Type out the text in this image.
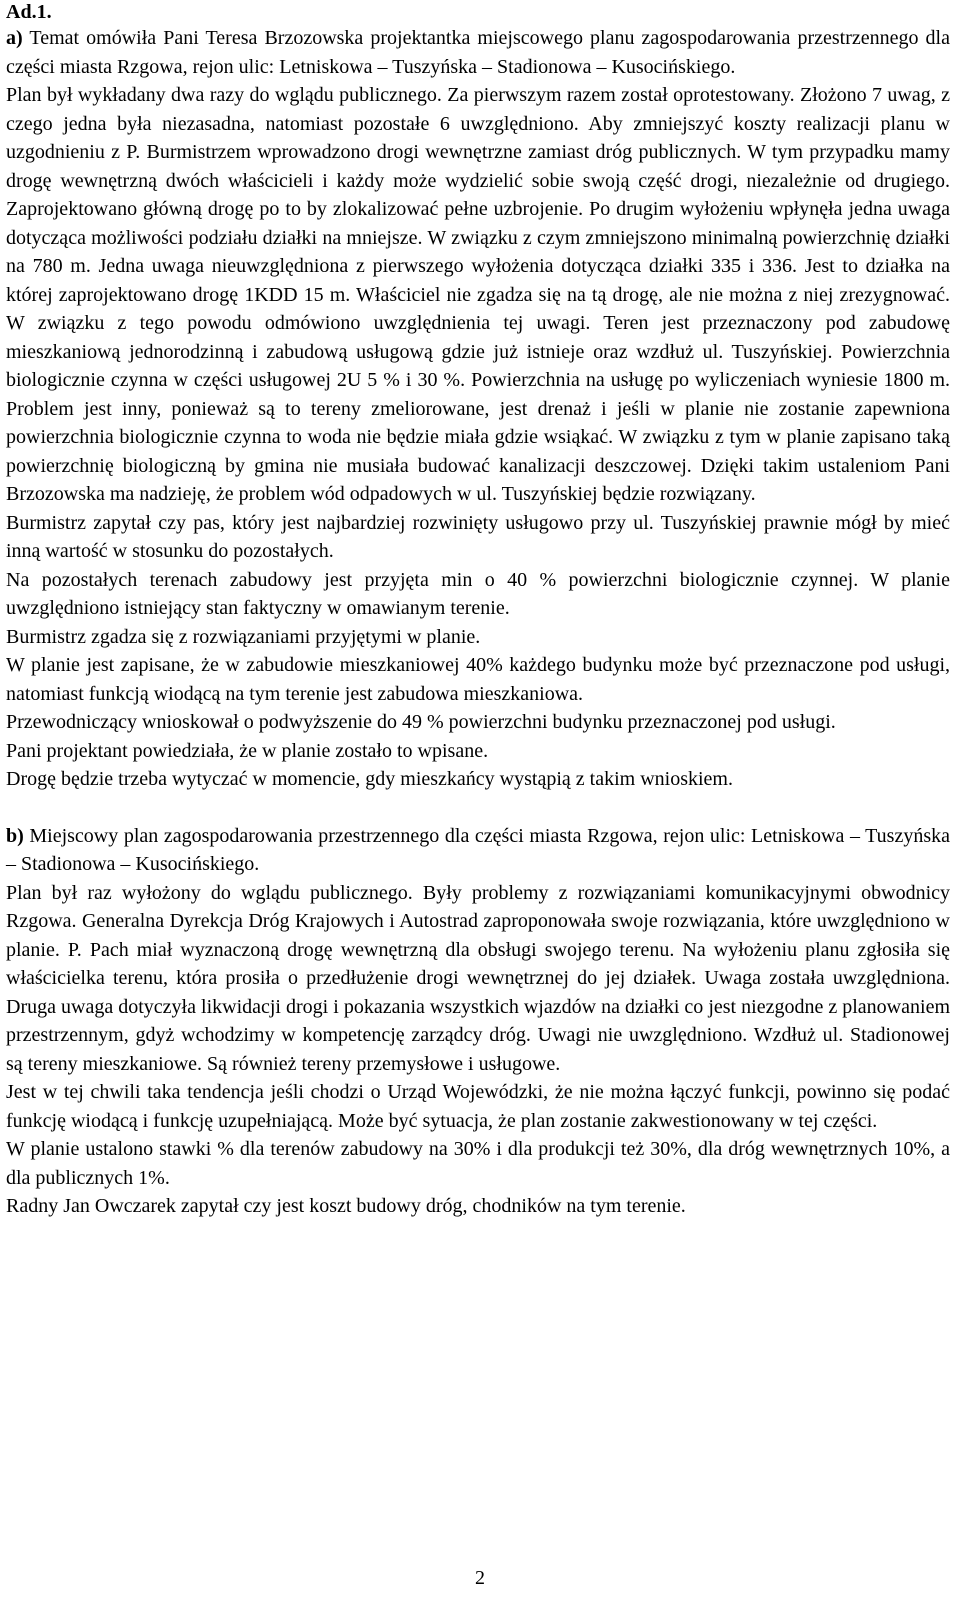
Ad.1.

a) Temat omówiła Pani Teresa Brzozowska projektantka miejscowego planu zagospodarowania przestrzennego dla części miasta Rzgowa, rejon ulic: Letniskowa – Tuszyńska – Stadionowa – Kusocińskiego.

Plan był wykładany dwa razy do wglądu publicznego. Za pierwszym razem został oprotestowany. Złożono 7 uwag, z czego jedna była niezasadna, natomiast pozostałe 6 uwzględniono. Aby zmniejszyć koszty realizacji planu w uzgodnieniu z P. Burmistrzem wprowadzono drogi wewnętrzne zamiast dróg publicznych. W tym przypadku mamy drogę wewnętrzną dwóch właścicieli i każdy może wydzielić sobie swoją część drogi, niezależnie od drugiego. Zaprojektowano główną drogę po to by zlokalizować pełne uzbrojenie. Po drugim wyłożeniu wpłynęła jedna uwaga dotycząca możliwości podziału działki na mniejsze. W związku z czym zmniejszono minimalną powierzchnię działki na 780 m. Jedna uwaga nieuwzględniona z pierwszego wyłożenia dotycząca działki 335 i 336. Jest to działka na której zaprojektowano drogę 1KDD 15 m. Właściciel nie zgadza się na tą drogę, ale nie można z niej zrezygnować. W związku z tego powodu odmówiono uwzględnienia tej uwagi. Teren jest przeznaczony pod zabudowę mieszkaniową jednorodzinną i zabudową usługową gdzie już istnieje oraz wzdłuż ul. Tuszyńskiej. Powierzchnia biologicznie czynna w części usługowej 2U 5 % i 30 %. Powierzchnia na usługę po wyliczeniach wyniesie 1800 m. Problem jest inny, ponieważ są to tereny zmeliorowane, jest drenaż i jeśli w planie nie zostanie zapewniona powierzchnia biologicznie czynna to woda nie będzie miała gdzie wsiąkać. W związku z tym w planie zapisano taką powierzchnię biologiczną by gmina nie musiała budować kanalizacji deszczowej. Dzięki takim ustaleniom Pani Brzozowska ma nadzieję, że problem wód odpadowych w ul. Tuszyńskiej będzie rozwiązany.

Burmistrz zapytał czy pas, który jest najbardziej rozwinięty usługowo przy ul. Tuszyńskiej prawnie mógł by mieć inną wartość w stosunku do pozostałych.

Na pozostałych terenach zabudowy jest przyjęta min o 40 % powierzchni biologicznie czynnej. W planie uwzględniono istniejący stan faktyczny w omawianym terenie.

Burmistrz zgadza się z rozwiązaniami przyjętymi w planie.

W planie jest zapisane, że w zabudowie mieszkaniowej 40% każdego budynku może być przeznaczone pod usługi, natomiast funkcją wiodącą na tym terenie jest zabudowa mieszkaniowa.

Przewodniczący wnioskował o podwyższenie do 49 % powierzchni budynku przeznaczonej pod usługi.

Pani projektant powiedziała, że w planie zostało to wpisane.

Drogę będzie trzeba wytyczać w momencie, gdy mieszkańcy wystąpią z takim wnioskiem.

b) Miejscowy plan zagospodarowania przestrzennego dla części miasta Rzgowa, rejon ulic: Letniskowa – Tuszyńska – Stadionowa – Kusocińskiego.

Plan był raz wyłożony do wglądu publicznego. Były problemy z rozwiązaniami komunikacyjnymi obwodnicy Rzgowa. Generalna Dyrekcja Dróg Krajowych i Autostrad zaproponowała swoje rozwiązania, które uwzględniono w planie. P. Pach miał wyznaczoną drogę wewnętrzną dla obsługi swojego terenu. Na wyłożeniu planu zgłosiła się właścicielka terenu, która prosiła o przedłużenie drogi wewnętrznej do jej działek. Uwaga została uwzględniona. Druga uwaga dotyczyła likwidacji drogi i pokazania wszystkich wjazdów na działki co jest niezgodne z planowaniem przestrzennym, gdyż wchodzimy w kompetencję zarządcy dróg. Uwagi nie uwzględniono. Wzdłuż ul. Stadionowej są tereny mieszkaniowe. Są również tereny przemysłowe i usługowe.

Jest w tej chwili taka tendencja jeśli chodzi o Urząd Wojewódzki, że nie można łączyć funkcji, powinno się podać funkcję wiodącą i funkcję uzupełniającą. Może być sytuacja, że plan zostanie zakwestionowany w tej części.

W planie ustalono stawki % dla terenów zabudowy na 30% i dla produkcji też 30%, dla dróg wewnętrznych 10%, a dla publicznych 1%.

Radny Jan Owczarek zapytał czy jest koszt budowy dróg, chodników na tym terenie.

2
